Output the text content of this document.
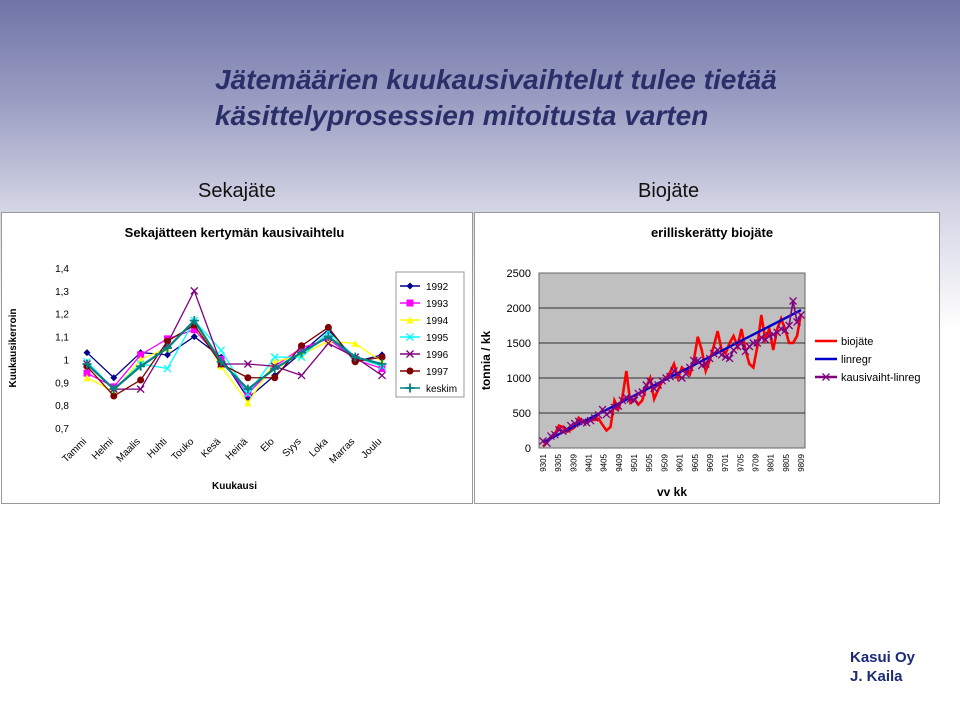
Jätemäärien kuukausivaihtelut tulee tietää
käsittelyprosessien mitoitusta varten
Sekajäte	Biojäte
Sekajätteen kertymän kausivaihtelu
0,7
0,8
0,9
1
1,1
1,2
1,3
1,4
Tammi Helmi
Maalis Huhti Touko Kesä Heinä Elo Syys Loka
Marras Joulu
Kuukausi
Kuukausikerroin
1992
1993
1994
1995
1996
1997
keskim
erilliskerätty biojäte
0
500
1000
1500
2000
2500
9301 9305 9309 9401 9405 9409 9501 9505 9509 9601 9605 9609 9701 9705 9709 9801 9805 9809
vv kk
tonnia / kk	biojäte
linregr
kausivaiht-linreg
Kasui Oy
J. Kaila
